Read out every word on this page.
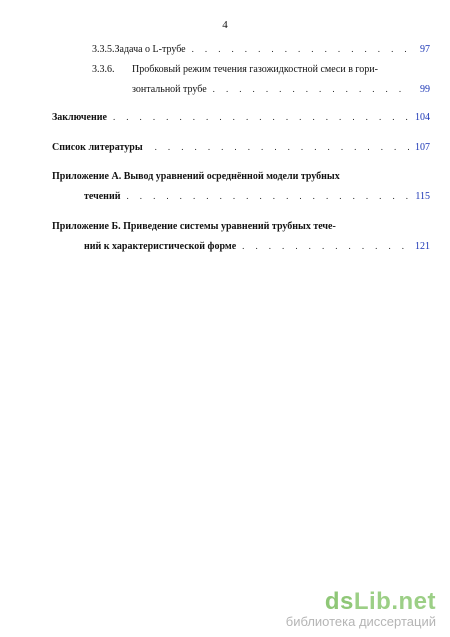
4
3.3.5. Задача о L-трубе . . .	97
3.3.6.	Пробковый режим течения газожидкостной смеси в гори-
зонтальной трубе . . .	99
Заключение . . .	104
Список литературы . . .	107
Приложение А. Вывод уравнений осреднённой модели трубных
течений . . .	115
Приложение Б. Приведение системы уравнений трубных тече-
ний к характеристической форме . . .	121
dsLib.net
библиотека диссертаций
